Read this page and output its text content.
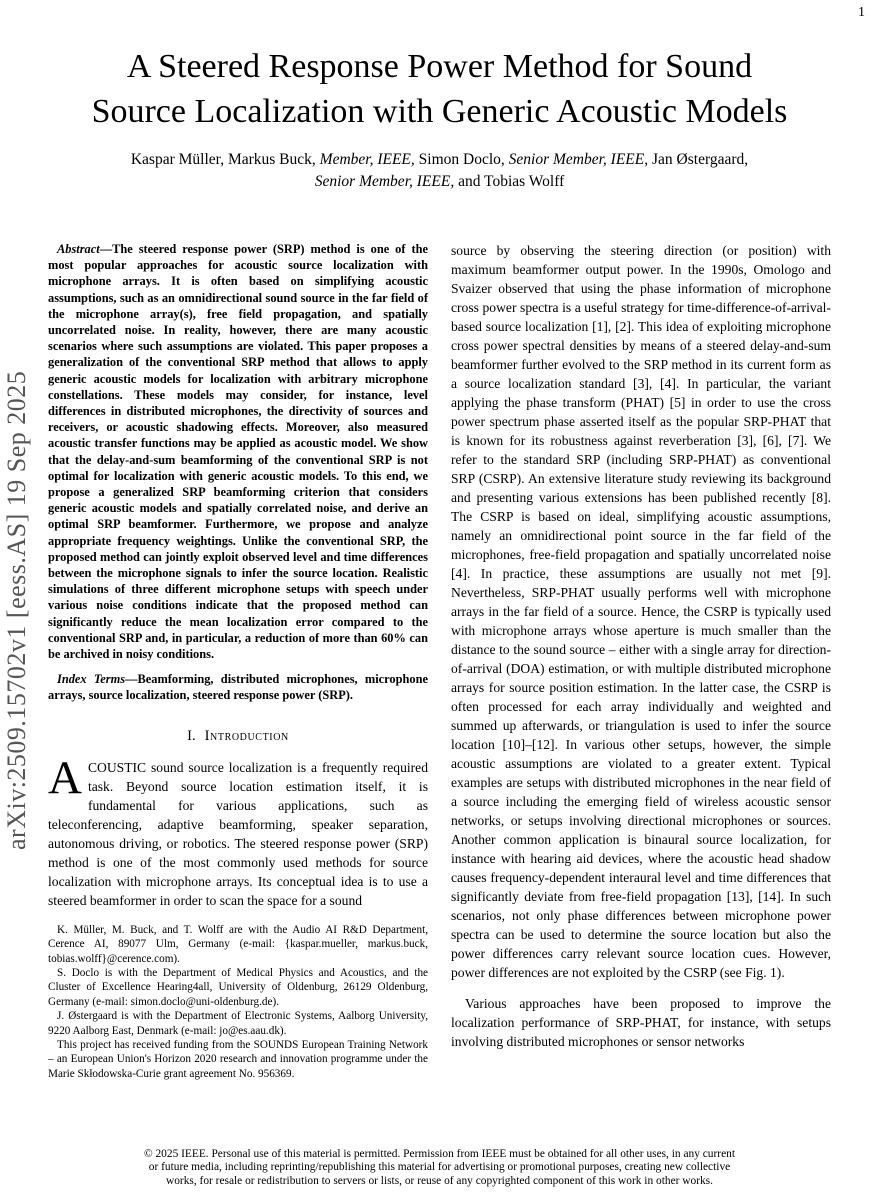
1
arXiv:2509.15702v1 [eess.AS] 19 Sep 2025
A Steered Response Power Method for Sound
Source Localization with Generic Acoustic Models
Kaspar Müller, Markus Buck, Member, IEEE, Simon Doclo, Senior Member, IEEE, Jan Østergaard,
Senior Member, IEEE, and Tobias Wolff

Abstract—The steered response power (SRP) method is one of the most popular approaches for acoustic source localization with microphone arrays. It is often based on simplifying acoustic assumptions, such as an omnidirectional sound source in the far field of the microphone array(s), free field propagation, and spatially uncorrelated noise. In reality, however, there are many acoustic scenarios where such assumptions are violated. This paper proposes a generalization of the conventional SRP method that allows to apply generic acoustic models for localization with arbitrary microphone constellations. These models may consider, for instance, level differences in distributed microphones, the directivity of sources and receivers, or acoustic shadowing effects. Moreover, also measured acoustic transfer functions may be applied as acoustic model. We show that the delay-and-sum beamforming of the conventional SRP is not optimal for localization with generic acoustic models. To this end, we propose a generalized SRP beamforming criterion that considers generic acoustic models and spatially correlated noise, and derive an optimal SRP beamformer. Furthermore, we propose and analyze appropriate frequency weightings. Unlike the conventional SRP, the proposed method can jointly exploit observed level and time differences between the microphone signals to infer the source location. Realistic simulations of three different microphone setups with speech under various noise conditions indicate that the proposed method can significantly reduce the mean localization error compared to the conventional SRP and, in particular, a reduction of more than 60% can be archived in noisy conditions.

Index Terms—Beamforming, distributed microphones, microphone arrays, source localization, steered response power (SRP).

I. Introduction

ACOUSTIC sound source localization is a frequently required task. Beyond source location estimation itself, it is fundamental for various applications, such as teleconferencing, adaptive beamforming, speaker separation, autonomous driving, or robotics. The steered response power (SRP) method is one of the most commonly used methods for source localization with microphone arrays. Its conceptual idea is to use a steered beamformer in order to scan the space for a sound

K. Müller, M. Buck, and T. Wolff are with the Audio AI R&D Department, Cerence AI, 89077 Ulm, Germany (e-mail: {kaspar.mueller, markus.buck, tobias.wolff}@cerence.com).

S. Doclo is with the Department of Medical Physics and Acoustics, and the Cluster of Excellence Hearing4all, University of Oldenburg, 26129 Oldenburg, Germany (e-mail: simon.doclo@uni-oldenburg.de).

J. Østergaard is with the Department of Electronic Systems, Aalborg University, 9220 Aalborg East, Denmark (e-mail: jo@es.aau.dk).

This project has received funding from the SOUNDS European Training Network – an European Union's Horizon 2020 research and innovation programme under the Marie Skłodowska-Curie grant agreement No. 956369.

source by observing the steering direction (or position) with maximum beamformer output power. In the 1990s, Omologo and Svaizer observed that using the phase information of microphone cross power spectra is a useful strategy for time-difference-of-arrival-based source localization [1], [2]. This idea of exploiting microphone cross power spectral densities by means of a steered delay-and-sum beamformer further evolved to the SRP method in its current form as a source localization standard [3], [4]. In particular, the variant applying the phase transform (PHAT) [5] in order to use the cross power spectrum phase asserted itself as the popular SRP-PHAT that is known for its robustness against reverberation [3], [6], [7]. We refer to the standard SRP (including SRP-PHAT) as conventional SRP (CSRP). An extensive literature study reviewing its background and presenting various extensions has been published recently [8]. The CSRP is based on ideal, simplifying acoustic assumptions, namely an omnidirectional point source in the far field of the microphones, free-field propagation and spatially uncorrelated noise [4]. In practice, these assumptions are usually not met [9]. Nevertheless, SRP-PHAT usually performs well with microphone arrays in the far field of a source. Hence, the CSRP is typically used with microphone arrays whose aperture is much smaller than the distance to the sound source – either with a single array for direction-of-arrival (DOA) estimation, or with multiple distributed microphone arrays for source position estimation. In the latter case, the CSRP is often processed for each array individually and weighted and summed up afterwards, or triangulation is used to infer the source location [10]–[12]. In various other setups, however, the simple acoustic assumptions are violated to a greater extent. Typical examples are setups with distributed microphones in the near field of a source including the emerging field of wireless acoustic sensor networks, or setups involving directional microphones or sources. Another common application is binaural source localization, for instance with hearing aid devices, where the acoustic head shadow causes frequency-dependent interaural level and time differences that significantly deviate from free-field propagation [13], [14]. In such scenarios, not only phase differences between microphone power spectra can be used to determine the source location but also the power differences carry relevant source location cues. However, power differences are not exploited by the CSRP (see Fig. 1).

Various approaches have been proposed to improve the localization performance of SRP-PHAT, for instance, with setups involving distributed microphones or sensor networks

© 2025 IEEE. Personal use of this material is permitted. Permission from IEEE must be obtained for all other uses, in any current
or future media, including reprinting/republishing this material for advertising or promotional purposes, creating new collective
works, for resale or redistribution to servers or lists, or reuse of any copyrighted component of this work in other works.
